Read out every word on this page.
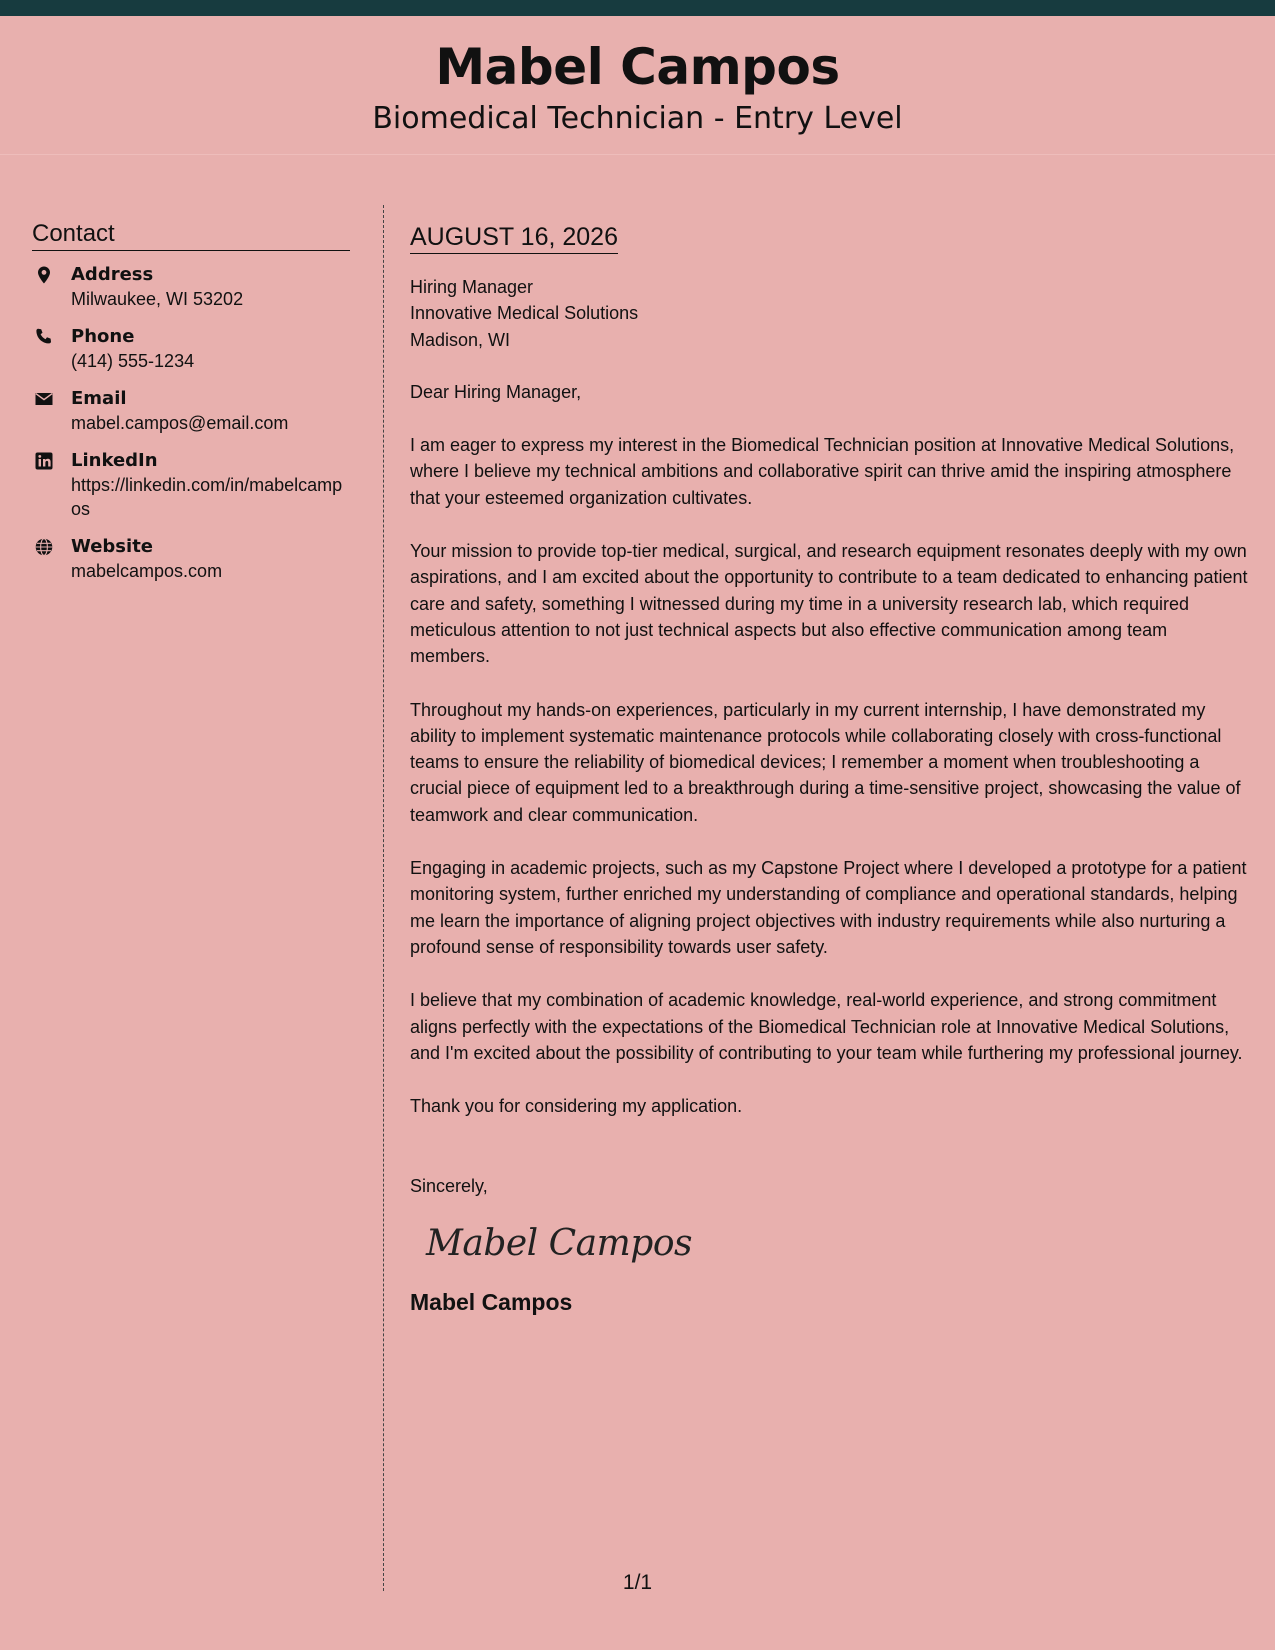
Mabel Campos
Biomedical Technician - Entry Level
Contact
Address
Milwaukee, WI 53202
Phone
(414) 555-1234
Email
mabel.campos@email.com
LinkedIn
https://linkedin.com/in/mabelcampos
Website
mabelcampos.com
AUGUST 16, 2026
Hiring Manager
Innovative Medical Solutions
Madison, WI
Dear Hiring Manager,

I am eager to express my interest in the Biomedical Technician position at Innovative Medical Solutions, where I believe my technical ambitions and collaborative spirit can thrive amid the inspiring atmosphere that your esteemed organization cultivates.

Your mission to provide top-tier medical, surgical, and research equipment resonates deeply with my own aspirations, and I am excited about the opportunity to contribute to a team dedicated to enhancing patient care and safety, something I witnessed during my time in a university research lab, which required meticulous attention to not just technical aspects but also effective communication among team members.

Throughout my hands-on experiences, particularly in my current internship, I have demonstrated my ability to implement systematic maintenance protocols while collaborating closely with cross-functional teams to ensure the reliability of biomedical devices; I remember a moment when troubleshooting a crucial piece of equipment led to a breakthrough during a time-sensitive project, showcasing the value of teamwork and clear communication.

Engaging in academic projects, such as my Capstone Project where I developed a prototype for a patient monitoring system, further enriched my understanding of compliance and operational standards, helping me learn the importance of aligning project objectives with industry requirements while also nurturing a profound sense of responsibility towards user safety.

I believe that my combination of academic knowledge, real-world experience, and strong commitment aligns perfectly with the expectations of the Biomedical Technician role at Innovative Medical Solutions, and I'm excited about the possibility of contributing to your team while furthering my professional journey.

Thank you for considering my application.

Sincerely,
Mabel Campos
Mabel Campos
1/1
